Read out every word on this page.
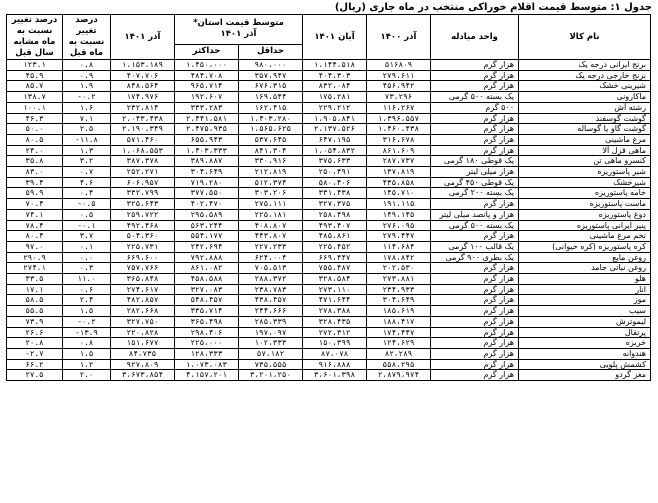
جدول ۱: متوسط قیمت اقلام خوراکی منتخب در ماه جاری (ریال)
نام کالا	واحد مبادله	آذر ۱۴۰۰	آبان ۱۴۰۱	متوسط قیمت استان*
آذر ۱۴۰۱		آذر ۱۴۰۱	درصد تغییر نسبت به ماه قبل	درصد تغییر نسبت به ماه مشابه سال قبل
				حداقل	حداکثر			
برنج ایرانی درجه یک	هزار گرم	۵۱۶۸۰۹	۱،۱۴۴،۵۱۸	۹۸۰،۰۰۰	۱،۴۵۰،۰۰۰	۱،۱۵۳،۱۸۹	۰.۸	۱۲۳.۱
برنج خارجی درجه یک	هزار گرم	۲۷۹،۶۱۱	۴۰۴،۳۰۳	۳۵۷،۹۴۷	۴۸۴،۷۰۸	۴۰۷،۷۰۶	۰.۹	۴۵.۹
شیرینی خشک	هزار گرم	۴۵۶،۹۴۲	۸۳۲،۰۸۴	۶۷۶،۳۱۵	۹۶۵،۷۱۴	۸۴۸،۵۶۴	۱.۹	۸۵.۷
ماکارونی	یک بسته ۵۰۰ گرمی	۷۳،۲۹۶	۱۷۵،۲۸۱	۱۶۹،۵۴۴	۱۹۲،۶۰۷	۱۷۴،۹۷۶	۰.۲-	۱۳۸.۷
رشته آش	۵۰۰ گرم	۱۱۶،۲۶۷	۲۲۹،۲۱۲	۱۶۲،۴۱۵	۳۳۳،۲۸۳	۲۳۲،۸۱۴	۱.۶	۱۰۰.۱
گوشت گوسفند	هزار گرم	۱،۳۹۶،۵۵۷	۱،۹۰۵،۸۴۱	۱،۴۰۳،۲۸۰	۲،۴۴۱،۵۸۱	۲،۰۴۳،۴۳۸	۷.۱	۴۶.۳
گوشت گاو یا گوساله	هزار گرم	۱،۴۶۰،۴۳۸	۲،۱۳۷،۵۲۶	۱،۵۶۵،۶۲۵	۲،۴۷۵،۹۳۵	۲،۱۹۰،۳۴۹	۲.۵	۵۰.۰
مرغ ماشینی	هزار گرم	۳۱۶،۶۷۸	۶۴۷،۱۹۵	۵۳۷،۶۴۵	۶۵۵،۹۴۳	۵۷۱،۴۶۰	۱۱.۸-	۸۰.۵
ماهی قزل آلا	هزار گرم	۸۶۱،۶۰۹	۱،۰۵۴،۸۳۲	۸۴۱،۳۰۴	۱،۴۰۳،۳۳۳	۱،۰۶۸،۵۵۳	۱.۳	۲۴.۰
کنسرو ماهی تن	یک قوطی ۱۸۰ گرمی	۲۸۷،۷۳۷	۳۷۵،۶۳۳	۳۳۰،۹۱۶	۳۸۹،۸۸۷	۳۸۷،۳۷۸	۳.۲	۳۵.۸
شیر پاستوریزه	هزار میلی لیتر	۱۳۷،۸۱۹	۲۵۰،۴۹۱	۲۱۲،۸۱۹	۳۰۴،۶۴۹	۲۵۲،۲۷۱	۰.۷	۸۳.۰
شیرخشک	یک قوطی ۴۵۰ گرمی	۴۳۵،۸۵۸	۵۸۰،۴۰۶	۵۱۲،۳۷۴	۷۱۹،۲۸۰	۶۰۶،۹۵۷	۴.۶	۳۹.۴
خامه پاستوریزه	یک بسته ۲۰۰ گرمی	۱۴۵،۷۱۰	۳۳۱،۴۳۸	۳۰۳،۲۰۶	۳۷۷،۵۵۰	۳۳۲،۷۹۹	۰.۴	۵۹.۹
ماست پاستوریزه	هزار گرم	۱۹۱،۱۱۵	۳۲۷،۳۷۵	۲۷۵،۱۱۱	۴۰۲،۴۷۰	۳۲۵،۶۴۳	۰.۵-	۷۰.۴
دوغ پاستوریزه	هزار و پانصد میلی لیتر	۱۴۹،۱۴۵	۲۵۸،۴۹۸	۲۲۵،۱۸۱	۲۹۵،۵۸۹	۲۵۹،۷۲۲	۰.۵	۷۴.۱
پنیر ایرانی پاستوریزه	یک بسته ۵۰۰ گرمی	۲۷۶،۰۹۵	۴۹۳،۴۰۷	۴۰۸،۸۰۷	۵۶۳،۲۴۴	۴۹۲،۴۶۸	۰.۱-	۷۸.۴
تخم مرغ ماشینی	هزار گرم	۲۷۹،۴۴۷	۴۸۵،۸۶۱	۴۴۳،۸۰۷	۵۵۴،۱۷۷	۵۰۴،۳۶۰	۳.۷	۸۰.۴
کره پاستوریزه (کره حیوانی)	یک قالب ۱۰۰ گرمی	۱۱۴،۶۸۴	۲۲۵،۴۵۲	۲۲۷،۲۳۳	۲۴۲،۶۹۴	۲۲۵،۷۳۱	۰.۱	۹۷.۰
روغن مایع	یک بطری ۹۰۰ گرمی	۱۷۸،۸۴۲	۶۶۹،۴۴۷	۶۲۴،۰۰۴	۷۹۲،۸۸۸	۶۶۹،۶۰۰	۰.۰	۲۹۰.۹
روغن نباتی جامد	هزار گرم	۲۰۲،۵۳۰	۷۵۵،۴۸۷	۷۰۵،۵۱۳	۸۶۱،۰۸۲	۷۵۷،۷۶۶	۰.۳	۲۷۴.۱
هلو	هزار گرم	۲۷۳،۸۸۱	۳۲۸،۵۸۴	۲۸۸،۳۷۲	۴۵۸،۵۸۸	۳۶۵،۸۴۸	۱۱.۰	۳۳.۵
انار	هزار گرم	۲۳۴،۹۳۳	۲۷۳،۱۱۰	۲۳۸،۷۸۳	۳۲۷،۰۸۳	۲۷۴،۶۱۷	۰.۶	۱۷.۱
موز	هزار گرم	۳۰۴،۶۴۹	۴۷۱،۶۴۴	۴۳۸،۴۵۷	۵۴۸،۴۵۷	۴۸۲،۸۵۷	۲.۴	۵۸.۵
سیب	هزار گرم	۱۸۵،۶۱۹	۲۷۸،۳۸۸	۲۴۴،۶۶۶	۳۳۵،۷۱۴	۲۸۲،۶۶۸	۱.۵	۵۵.۵
لیموترش	هزار گرم	۱۸۸،۴۱۷	۳۲۸،۴۳۵	۲۸۵،۳۳۹	۳۶۵،۴۹۸	۳۲۷،۷۵۰	۰.۲-	۷۳.۹
پرتقال	هزار گرم	۱۷۴،۴۴۷	۲۷۲،۳۱۲	۱۹۷،۰۹۷	۲۹۸،۴۰۶	۲۲۰،۸۲۸	۱۳.۹-	۲۶.۶
خربزه	هزار گرم	۱۲۴،۶۲۹	۱۵۰،۳۹۹	۱۰۲،۳۳۳	۲۲۵،۰۰۰	۱۵۱،۶۷۷	۰.۸	۲۰.۸
هندوانه	هزار گرم	۸۲،۲۸۹	۸۷،۰۷۸	۵۷،۱۸۲	۱۲۸،۳۳۳	۸۴،۷۳۵	۱.۵	۲.۷-
کشمش پلویی	هزار گرم	۵۵۸،۲۹۵	۹۱۶،۸۸۸	۷۳۵،۵۵۵	۱،۰۷۳،۰۸۳	۹۲۷،۸۰۹	۱.۲	۶۶.۲
مغز گردو	هزار گرم	۲،۸۷۹،۹۷۴	۳،۶۰۱،۳۹۸	۳،۲۰۱،۲۵۰	۴،۱۵۷،۲۰۱	۳،۶۷۳،۸۵۴	۲.۰	۲۷.۵
